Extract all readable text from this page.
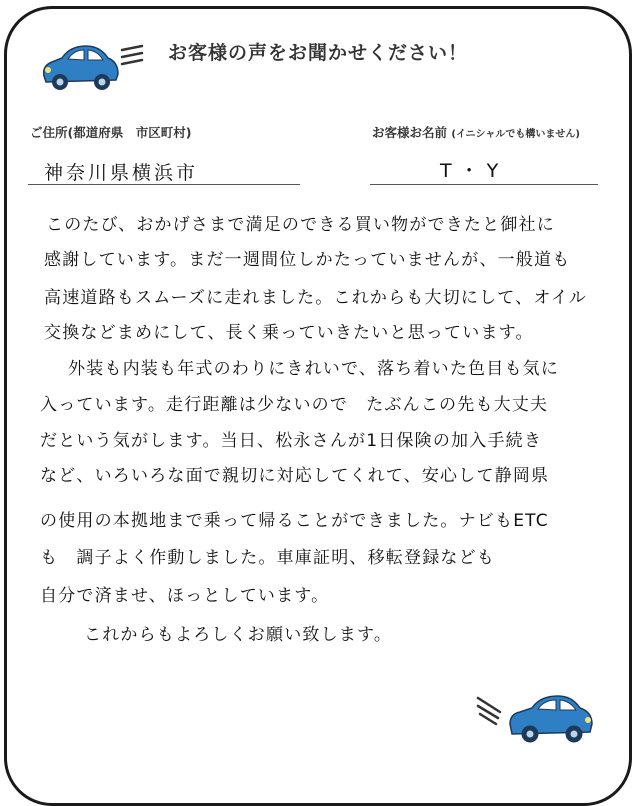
お客様の声をお聞かせください！
ご住所(都道府県　市区町村)	お客様お名前 (イニシャルでも構いません)
神奈川県横浜市	T・Y
このたび、おかげさまで満足のできる買い物ができたと御社に
感謝しています。まだ一週間位しかたっていませんが、一般道も
高速道路もスムーズに走れました。これからも大切にして、オイル
交換などまめにして、長く乗っていきたいと思っています。
外装も内装も年式のわりにきれいで、落ち着いた色目も気に
入っています。走行距離は少ないので　たぶんこの先も大丈夫
だという気がします。当日、松永さんが1日保険の加入手続き
など、いろいろな面で親切に対応してくれて、安心して静岡県
の使用の本拠地まで乗って帰ることができました。ナビもETC
も　調子よく作動しました。車庫証明、移転登録なども
自分で済ませ、ほっとしています。
これからもよろしくお願い致します。
